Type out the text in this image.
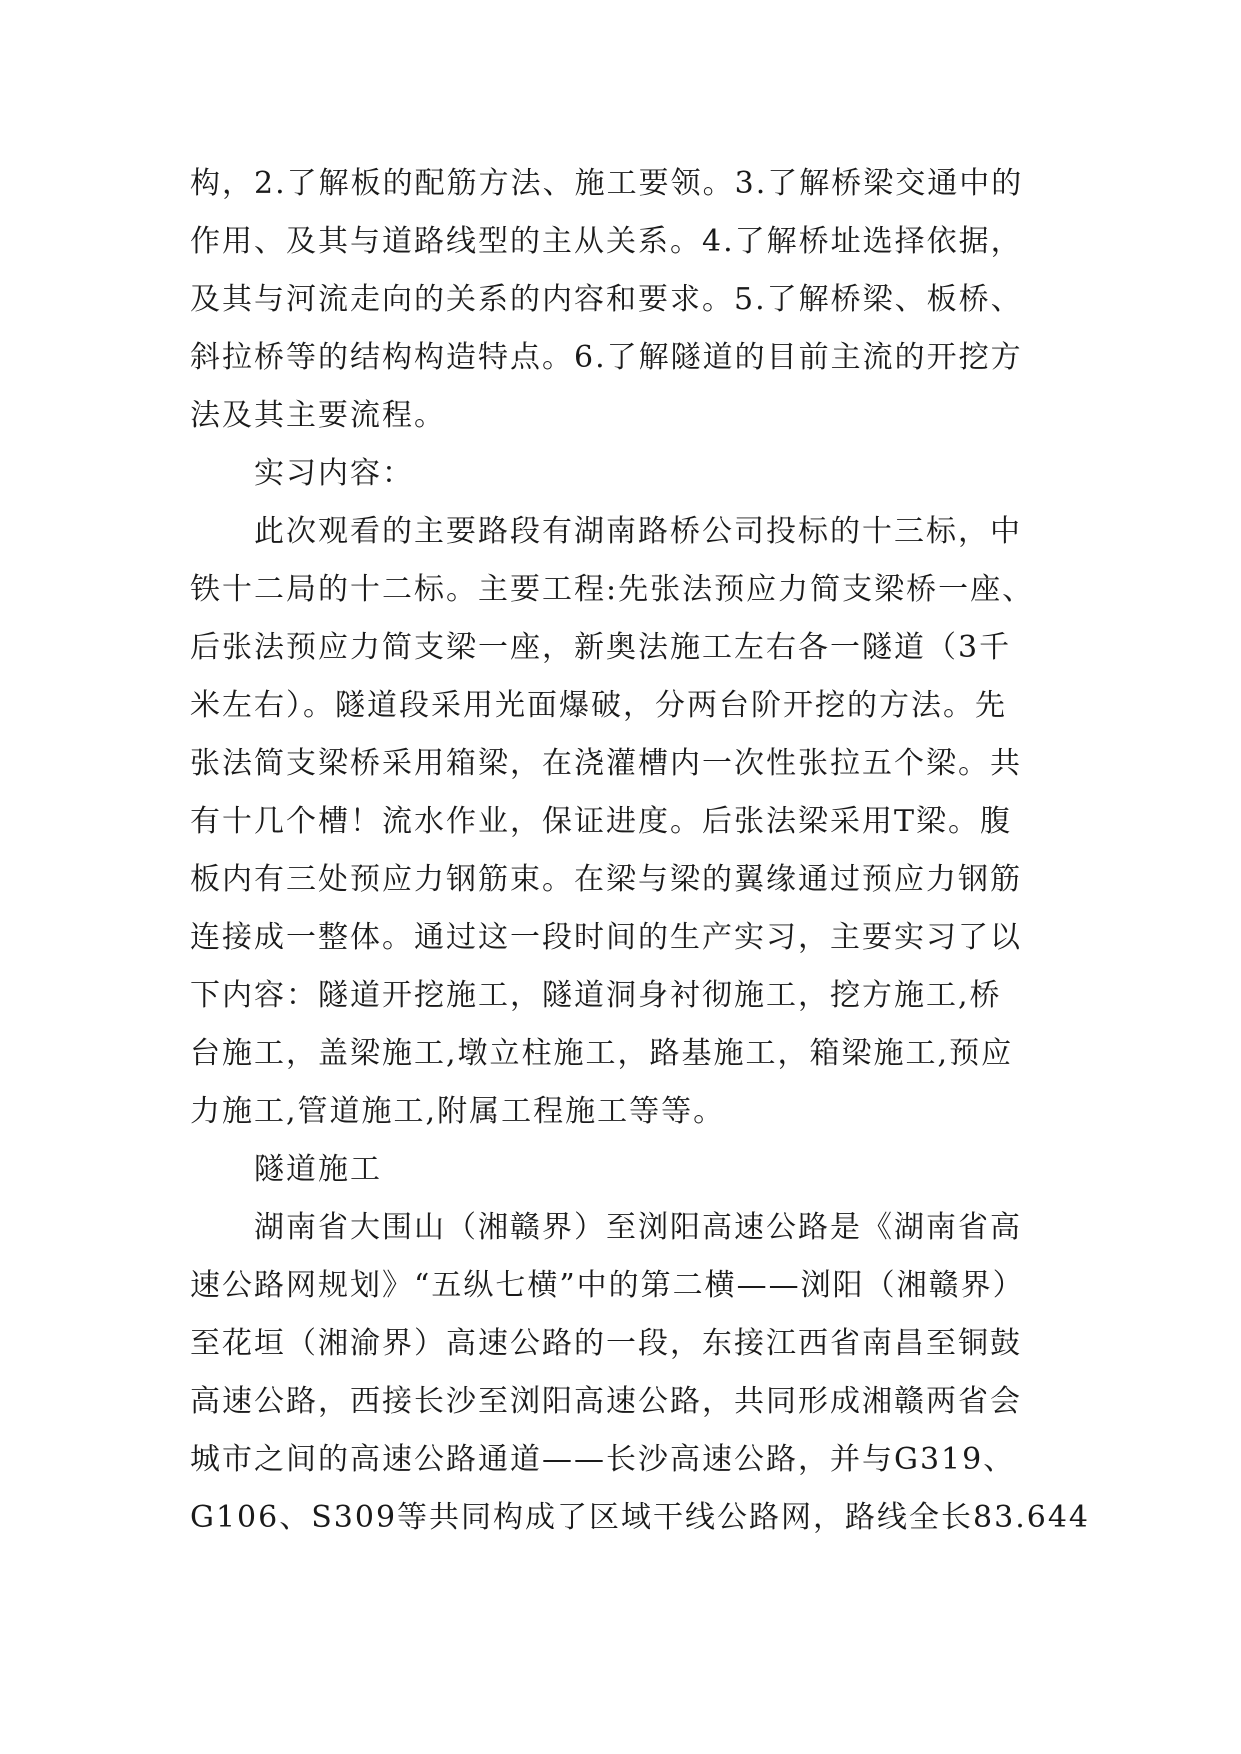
构，2.了解板的配筋方法、施工要领。3.了解桥梁交通中的
作用、及其与道路线型的主从关系。4.了解桥址选择依据，
及其与河流走向的关系的内容和要求。5.了解桥梁、板桥、
斜拉桥等的结构构造特点。6.了解隧道的目前主流的开挖方
法及其主要流程。
实习内容：
此次观看的主要路段有湖南路桥公司投标的十三标，中
铁十二局的十二标。主要工程:先张法预应力简支梁桥一座、
后张法预应力简支梁一座，新奥法施工左右各一隧道（3千
米左右）。隧道段采用光面爆破，分两台阶开挖的方法。先
张法简支梁桥采用箱梁，在浇灌槽内一次性张拉五个梁。共
有十几个槽！流水作业，保证进度。后张法梁采用T梁。腹
板内有三处预应力钢筋束。在梁与梁的翼缘通过预应力钢筋
连接成一整体。通过这一段时间的生产实习，主要实习了以
下内容：隧道开挖施工，隧道洞身衬彻施工，挖方施工,桥
台施工，盖梁施工,墩立柱施工，路基施工，箱梁施工,预应
力施工,管道施工,附属工程施工等等。
隧道施工
湖南省大围山（湘赣界）至浏阳高速公路是《湖南省高
速公路网规划》“五纵七横”中的第二横——浏阳（湘赣界）
至花垣（湘渝界）高速公路的一段，东接江西省南昌至铜鼓
高速公路，西接长沙至浏阳高速公路，共同形成湘赣两省会
城市之间的高速公路通道——长沙高速公路，并与G319、
G106、S309等共同构成了区域干线公路网，路线全长83.644
